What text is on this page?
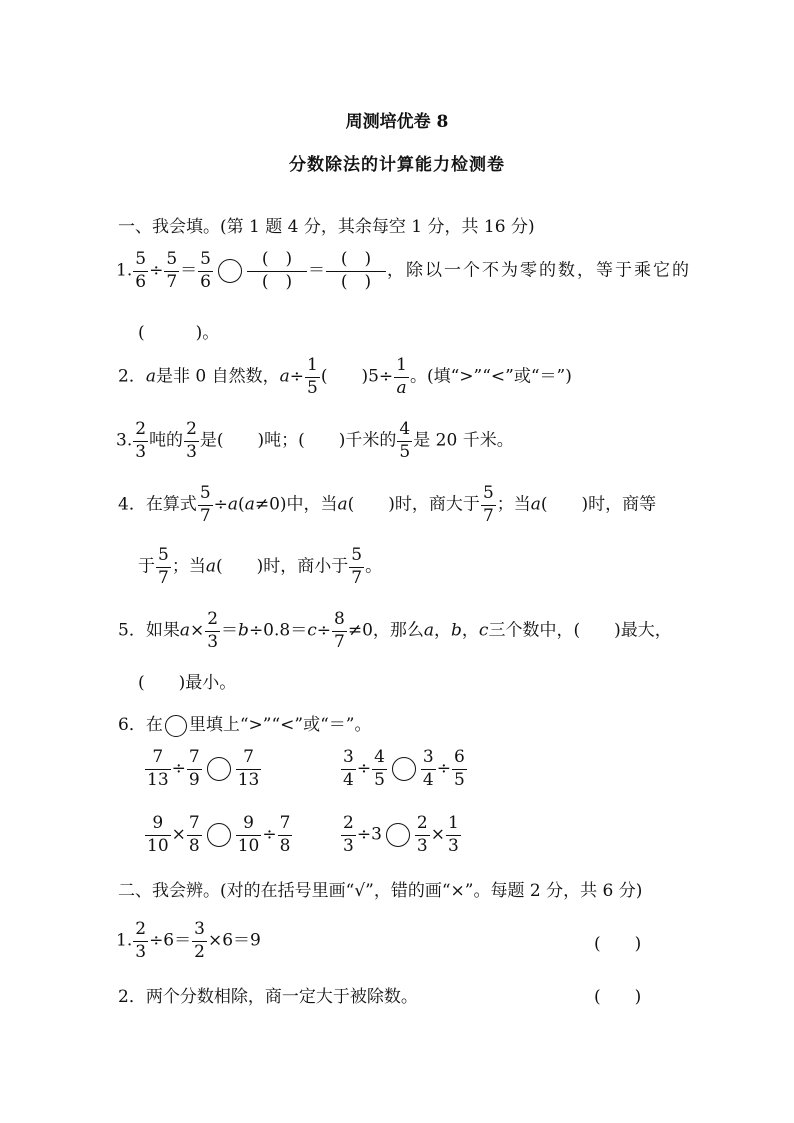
周测培优卷 8
分数除法的计算能力检测卷
一、我会填。(第 1 题 4 分，其余每空 1 分，共 16 分)
1. $\frac{5}{6} \div \frac{5}{7} = \frac{5}{6}$	(　)
(　)
＝
(　)
(　)
，除以一个不为零的数，等于乘它的
(　　　)。
2．a是非 0 自然数，$a\div \frac{1}{5}$ (　　)$5\div \frac{1}{a}$ 。(填“>”“<”或“＝”)
3. $\frac{2}{3}$ 吨的 $\frac{2}{3}$ 是(　　)吨；(　　)千米的 $\frac{4}{5}$ 是 20 千米。
4．在算式 $\frac{5}{7} \div a(a\ne 0)$中，当a(　　)时，商大于 $\frac{5}{7}$ ；当a(　　)时，商等
于 $\frac{5}{7}$ ；当a(　　)时，商小于 $\frac{5}{7}$ 。
5．如果$a\times \frac{2}{3} =b\div 0.8=c\div \frac{8}{7} \ne 0$，那么a，b，c三个数中，(　　)最大，
(　　)最小。
6．在 里填上“>”“<”或“＝”。
$\frac{7}{13} \div \frac{7}{9} \frac{7}{13}$	$\frac{3}{4} \div \frac{4}{5} \frac{3}{4} \div \frac{6}{5}$
$\frac{9}{10} \times \frac{7}{8} \frac{9}{10} \div \frac{7}{8}$	$\frac{2}{3} \div 3 \frac{2}{3} \times \frac{1}{3}$
二、我会辨。(对的在括号里画“√”，错的画“×”。每题 2 分，共 6 分)
1. $\frac{2}{3} \div 6= \frac{3}{2} \times 6=9$	(　　)
2．两个分数相除，商一定大于被除数。	(　　)
